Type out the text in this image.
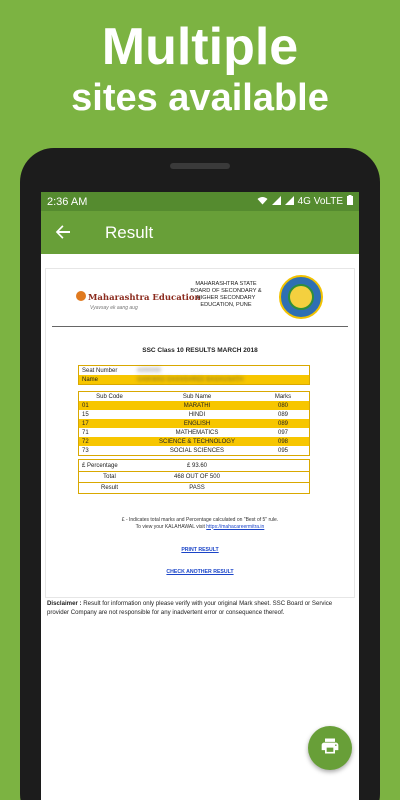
Multiple
sites available
2:36 AM	4G VoLTE
Result
Maharashtra Education
Vyavsay ek aang aug
MAHARASHTRA STATE BOARD OF SECONDARY & HIGHER SECONDARY EDUCATION, PUNE
SSC Class 10 RESULTS MARCH 2018
Seat Number	A000000
Name	GAIKWAD DHANSHREE BAGHUNATH
Sub Code	Sub Name	Marks
01	MARATHI	080
15	HINDI	089
17	ENGLISH	089
71	MATHEMATICS	097
72	SCIENCE & TECHNOLOGY	098
73	SOCIAL SCIENCES	095
£ Percentage	£ 93.60
Total	468 OUT OF 500
Result	PASS
£ - Indicates total marks and Percentage calculated on "Best of 5" rule.
To view your KALAHAWAL visit https://mahacareermitra.in
PRINT RESULT
CHECK ANOTHER RESULT
Disclaimer : Result for information only please verify with your original Mark sheet. SSC Board or Service provider Company are not responsible for any inadvertent error or consequence thereof.
